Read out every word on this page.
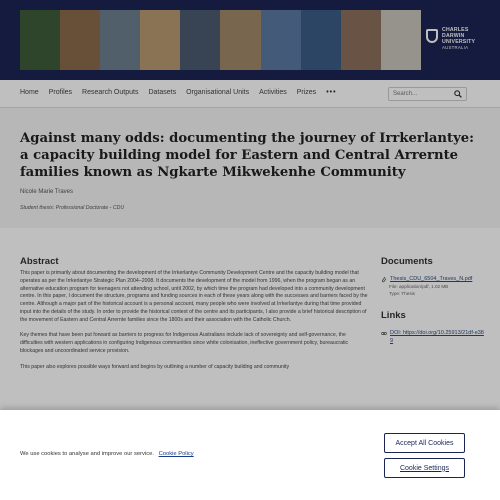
CHARLES
DARWIN
UNIVERSITY
AUSTRALIA
Home Profiles Research Outputs Datasets Organisational Units Activities Prizes •••	Search...
Against many odds: documenting the journey of Irrkerlantye: a capacity building model for Eastern and Central Arrernte families known as Ngkarte Mikwekenhe Community
Nicole Marie Traves
Student thesis: Professional Doctorate - CDU
Abstract

This paper is primarily about documenting the development of the Irrkerlantye Community Development Centre and the capacity building model that operates as per the Irrkerlantye Strategic Plan 2004–2008. It documents the development of the model from 1996, when the program began as an alternative education program for teenagers not attending school, until 2002, by which time the program had developed into a community development centre. In this paper, I document the structure, programs and funding sources in each of these years along with the successes and barriers faced by the centre. Although a major part of the historical account is a personal account, many people who were involved at Irrkerlantye during that time provided input into the details of the study. In order to provide the historical context of the centre and its participants, I also provide a brief historical description of the movement of Eastern and Central Arrernte families since the 1800s and their association with the Catholic Church.

Key themes that have been put forward as barriers to progress for Indigenous Australians include lack of sovereignty and self-governance, the difficulties with western applications in configuring Indigenous communities since white colonisation, ineffective government policy, bureaucratic blockages and uncoordinated service provision.

This paper also explores possible ways forward and begins by outlining a number of capacity building and community

Documents
Thesis_CDU_6504_Traves_N.pdf
File: application/pdf, 1.02 MB
Type: Thesis
Links
DOI: https://doi.org/10.25913/21df-e389
We use cookies to analyse and improve our service. Cookie Policy
Accept All Cookies
Cookie Settings
